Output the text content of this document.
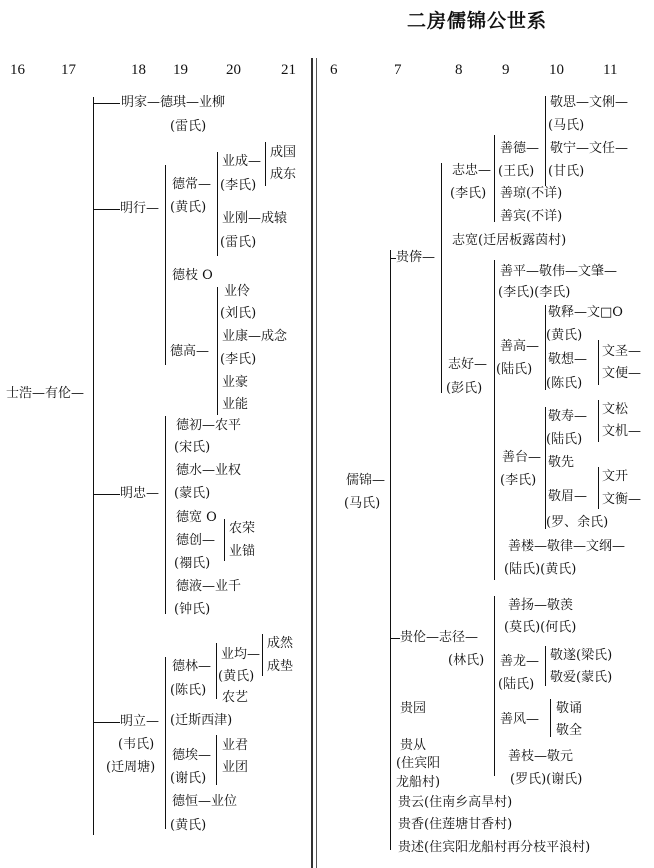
二房儒锦公世系
16 17	18 19	20	21 6	7	8	9	10	11
士浩—有伦—
明家—德琪—业柳
(雷氏)
德常—
业成—
成国
(李氏)
成东
明行— (黄氏)
业刚—成辕
(雷氏)
德枝 O
业伶
(刘氏)
业康—成念
德高—
(李氏)
业豪
业能
德初—农平
(宋氏)
德水—业权
明忠— (蒙氏)
德宽 O
农荣
德创—
业锚
(禤氏)
德液—业千
(钟氏)
业均—
成然
德林—
(黄氏)
成垫
(陈氏) 农艺
明立— (迁斯西津)
(韦氏)
德埃—
业君
(迁周塘)
(谢氏)
业团
德恒—业位
(黄氏)
敬思—文俐—
(马氏)
善德— 敬宁—文任—
志忠— (王氏) (甘氏)
(李氏) 善琼(不详)
善宾(不详)
志宽(迁居板露茵村)
贵倴—
善平—敬伟—文肇—
(李氏)(李氏)
敬释—文□O
(黄氏)
善高—
敬想—
文圣—
志好— (陆氏)
(陈氏)
文便—
(彭氏)
敬寿— 文松
(陆氏)
文机—
善台— 敬先
儒锦—	(李氏)	文开
(马氏)	敬眉— 文衡—
(罗、余氏)
善楼—敬律—文纲—
(陆氏)(黄氏)
善扬—敬羡
贵伦—志径—
(莫氏)(何氏)
(林氏) 善龙— 敬遂(梁氏)
(陆氏) 敬爱(蒙氏)
贵园	敬诵
善风—
敬全
贵从
善枝—敬元
(住宾阳
(罗氏)(谢氏)
龙船村)
贵云(住南乡高旱村)
贵香(住莲塘甘香村)
贵述(住宾阳龙船村再分枝平浪村)
